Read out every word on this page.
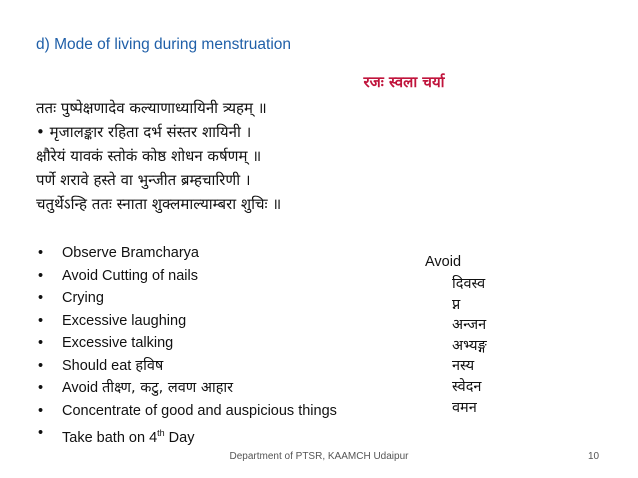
d) Mode of living during menstruation
रजः स्वला चर्या
ततः पुष्पेक्षणादेव कल्याणाध्यायिनी त्र्यहम् ॥
• मृजालङ्कार रहिता दर्भ संस्तर शायिनी ।
क्षौरेयं यावकं स्तोकं कोष्ठ शोधन कर्षणम् ॥
पर्णे शरावे हस्ते वा भुन्जीत ब्रम्हचारिणी ।
चतुर्थेऽन्हि ततः स्नाता शुक्लमाल्याम्बरा शुचिः ॥
• Observe Bramcharya
• Avoid Cutting of nails
• Crying
• Excessive laughing
• Excessive talking
• Should eat हविष
• Avoid तीक्ष्ण, कटु, लवण आहार
• Concentrate of good and auspicious things
• Take bath on 4th Day
Avoid
दिवस्व
प्न
अन्जन
अभ्यङ्ग
नस्य
स्वेदन
वमन
Department of PTSR, KAAMCH Udaipur	10
